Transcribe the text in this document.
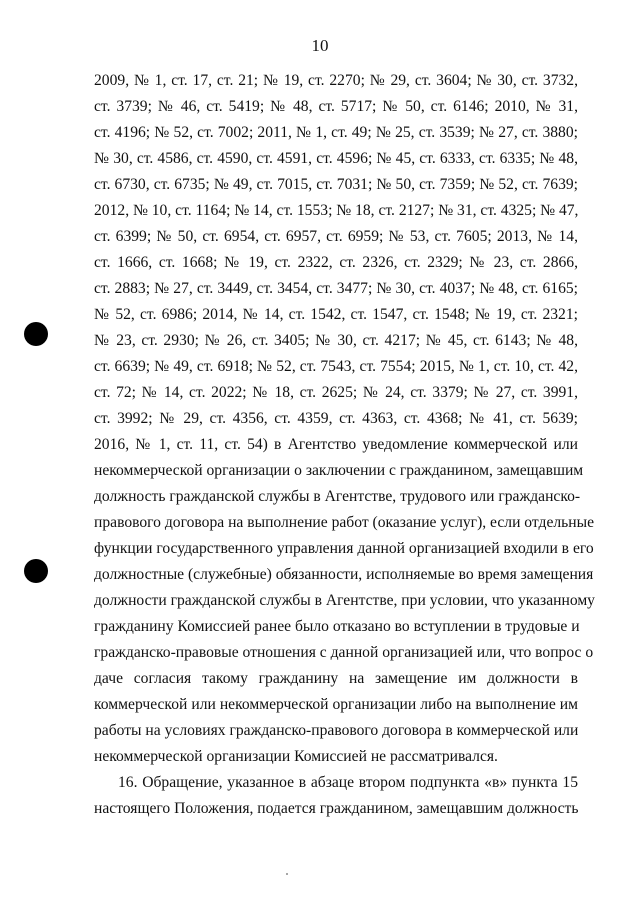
10
2009, № 1, ст. 17, ст. 21; № 19, ст. 2270; № 29, ст. 3604; № 30, ст. 3732,
ст. 3739; № 46, ст. 5419; № 48, ст. 5717; № 50, ст. 6146; 2010, № 31,
ст. 4196; № 52, ст. 7002; 2011, № 1, ст. 49; № 25, ст. 3539; № 27, ст. 3880;
№ 30, ст. 4586, ст. 4590, ст. 4591, ст. 4596; № 45, ст. 6333, ст. 6335; № 48,
ст. 6730, ст. 6735; № 49, ст. 7015, ст. 7031; № 50, ст. 7359; № 52, ст. 7639;
2012, № 10, ст. 1164; № 14, ст. 1553; № 18, ст. 2127; № 31, ст. 4325; № 47,
ст. 6399; № 50, ст. 6954, ст. 6957, ст. 6959; № 53, ст. 7605; 2013, № 14,
ст. 1666, ст. 1668; № 19, ст. 2322, ст. 2326, ст. 2329; № 23, ст. 2866,
ст. 2883; № 27, ст. 3449, ст. 3454, ст. 3477; № 30, ст. 4037; № 48, ст. 6165;
№ 52, ст. 6986; 2014, № 14, ст. 1542, ст. 1547, ст. 1548; № 19, ст. 2321;
№ 23, ст. 2930; № 26, ст. 3405; № 30, ст. 4217; № 45, ст. 6143; № 48,
ст. 6639; № 49, ст. 6918; № 52, ст. 7543, ст. 7554; 2015, № 1, ст. 10, ст. 42,
ст. 72; № 14, ст. 2022; № 18, ст. 2625; № 24, ст. 3379; № 27, ст. 3991,
ст. 3992; № 29, ст. 4356, ст. 4359, ст. 4363, ст. 4368; № 41, ст. 5639;
2016, № 1, ст. 11, ст. 54) в Агентство уведомление коммерческой или
некоммерческой организации о заключении с гражданином, замещавшим
должность гражданской службы в Агентстве, трудового или гражданско-
правового договора на выполнение работ (оказание услуг), если отдельные
функции государственного управления данной организацией входили в его
должностные (служебные) обязанности, исполняемые во время замещения
должности гражданской службы в Агентстве, при условии, что указанному
гражданину Комиссией ранее было отказано во вступлении в трудовые и
гражданско-правовые отношения с данной организацией или, что вопрос о
даче согласия такому гражданину на замещение им должности в
коммерческой или некоммерческой организации либо на выполнение им
работы на условиях гражданско-правового договора в коммерческой или
некоммерческой организации Комиссией не рассматривался.
16. Обращение, указанное в абзаце втором подпункта «в» пункта 15
настоящего Положения, подается гражданином, замещавшим должность
